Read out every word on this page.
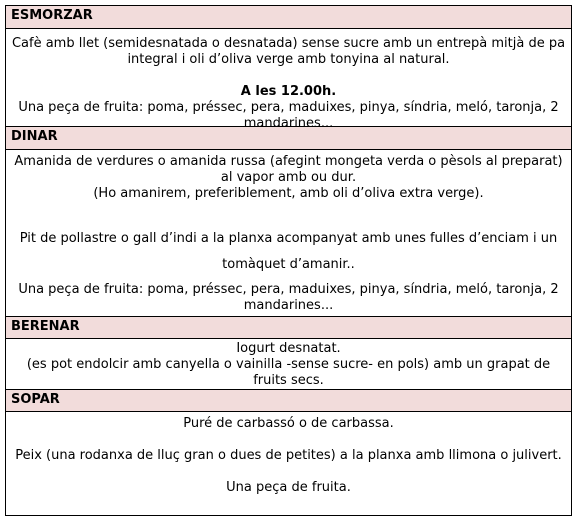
ESMORZAR

Cafè amb llet (semidesnatada o desnatada) sense sucre amb un entrepà mitjà de pa integral i oli d’oliva verge amb tonyina al natural.

A les 12.00h.

Una peça de fruita: poma, préssec, pera, maduixes, pinya, síndria, meló, taronja, 2 mandarines...

DINAR

Amanida de verdures o amanida russa (afegint mongeta verda o pèsols al preparat) al vapor amb ou dur.

(Ho amanirem, preferiblement, amb oli d’oliva extra verge).

Pit de pollastre o gall d’indi a la planxa acompanyat amb unes fulles d’enciam i un tomàquet d’amanir..

Una peça de fruita: poma, préssec, pera, maduixes, pinya, síndria, meló, taronja, 2 mandarines...

BERENAR

Iogurt desnatat.

(es pot endolcir amb canyella o vainilla -sense sucre- en pols) amb un grapat de fruits secs.

SOPAR

Puré de carbassó o de carbassa.

Peix (una rodanxa de lluç gran o dues de petites) a la planxa amb llimona o julivert.

Una peça de fruita.
